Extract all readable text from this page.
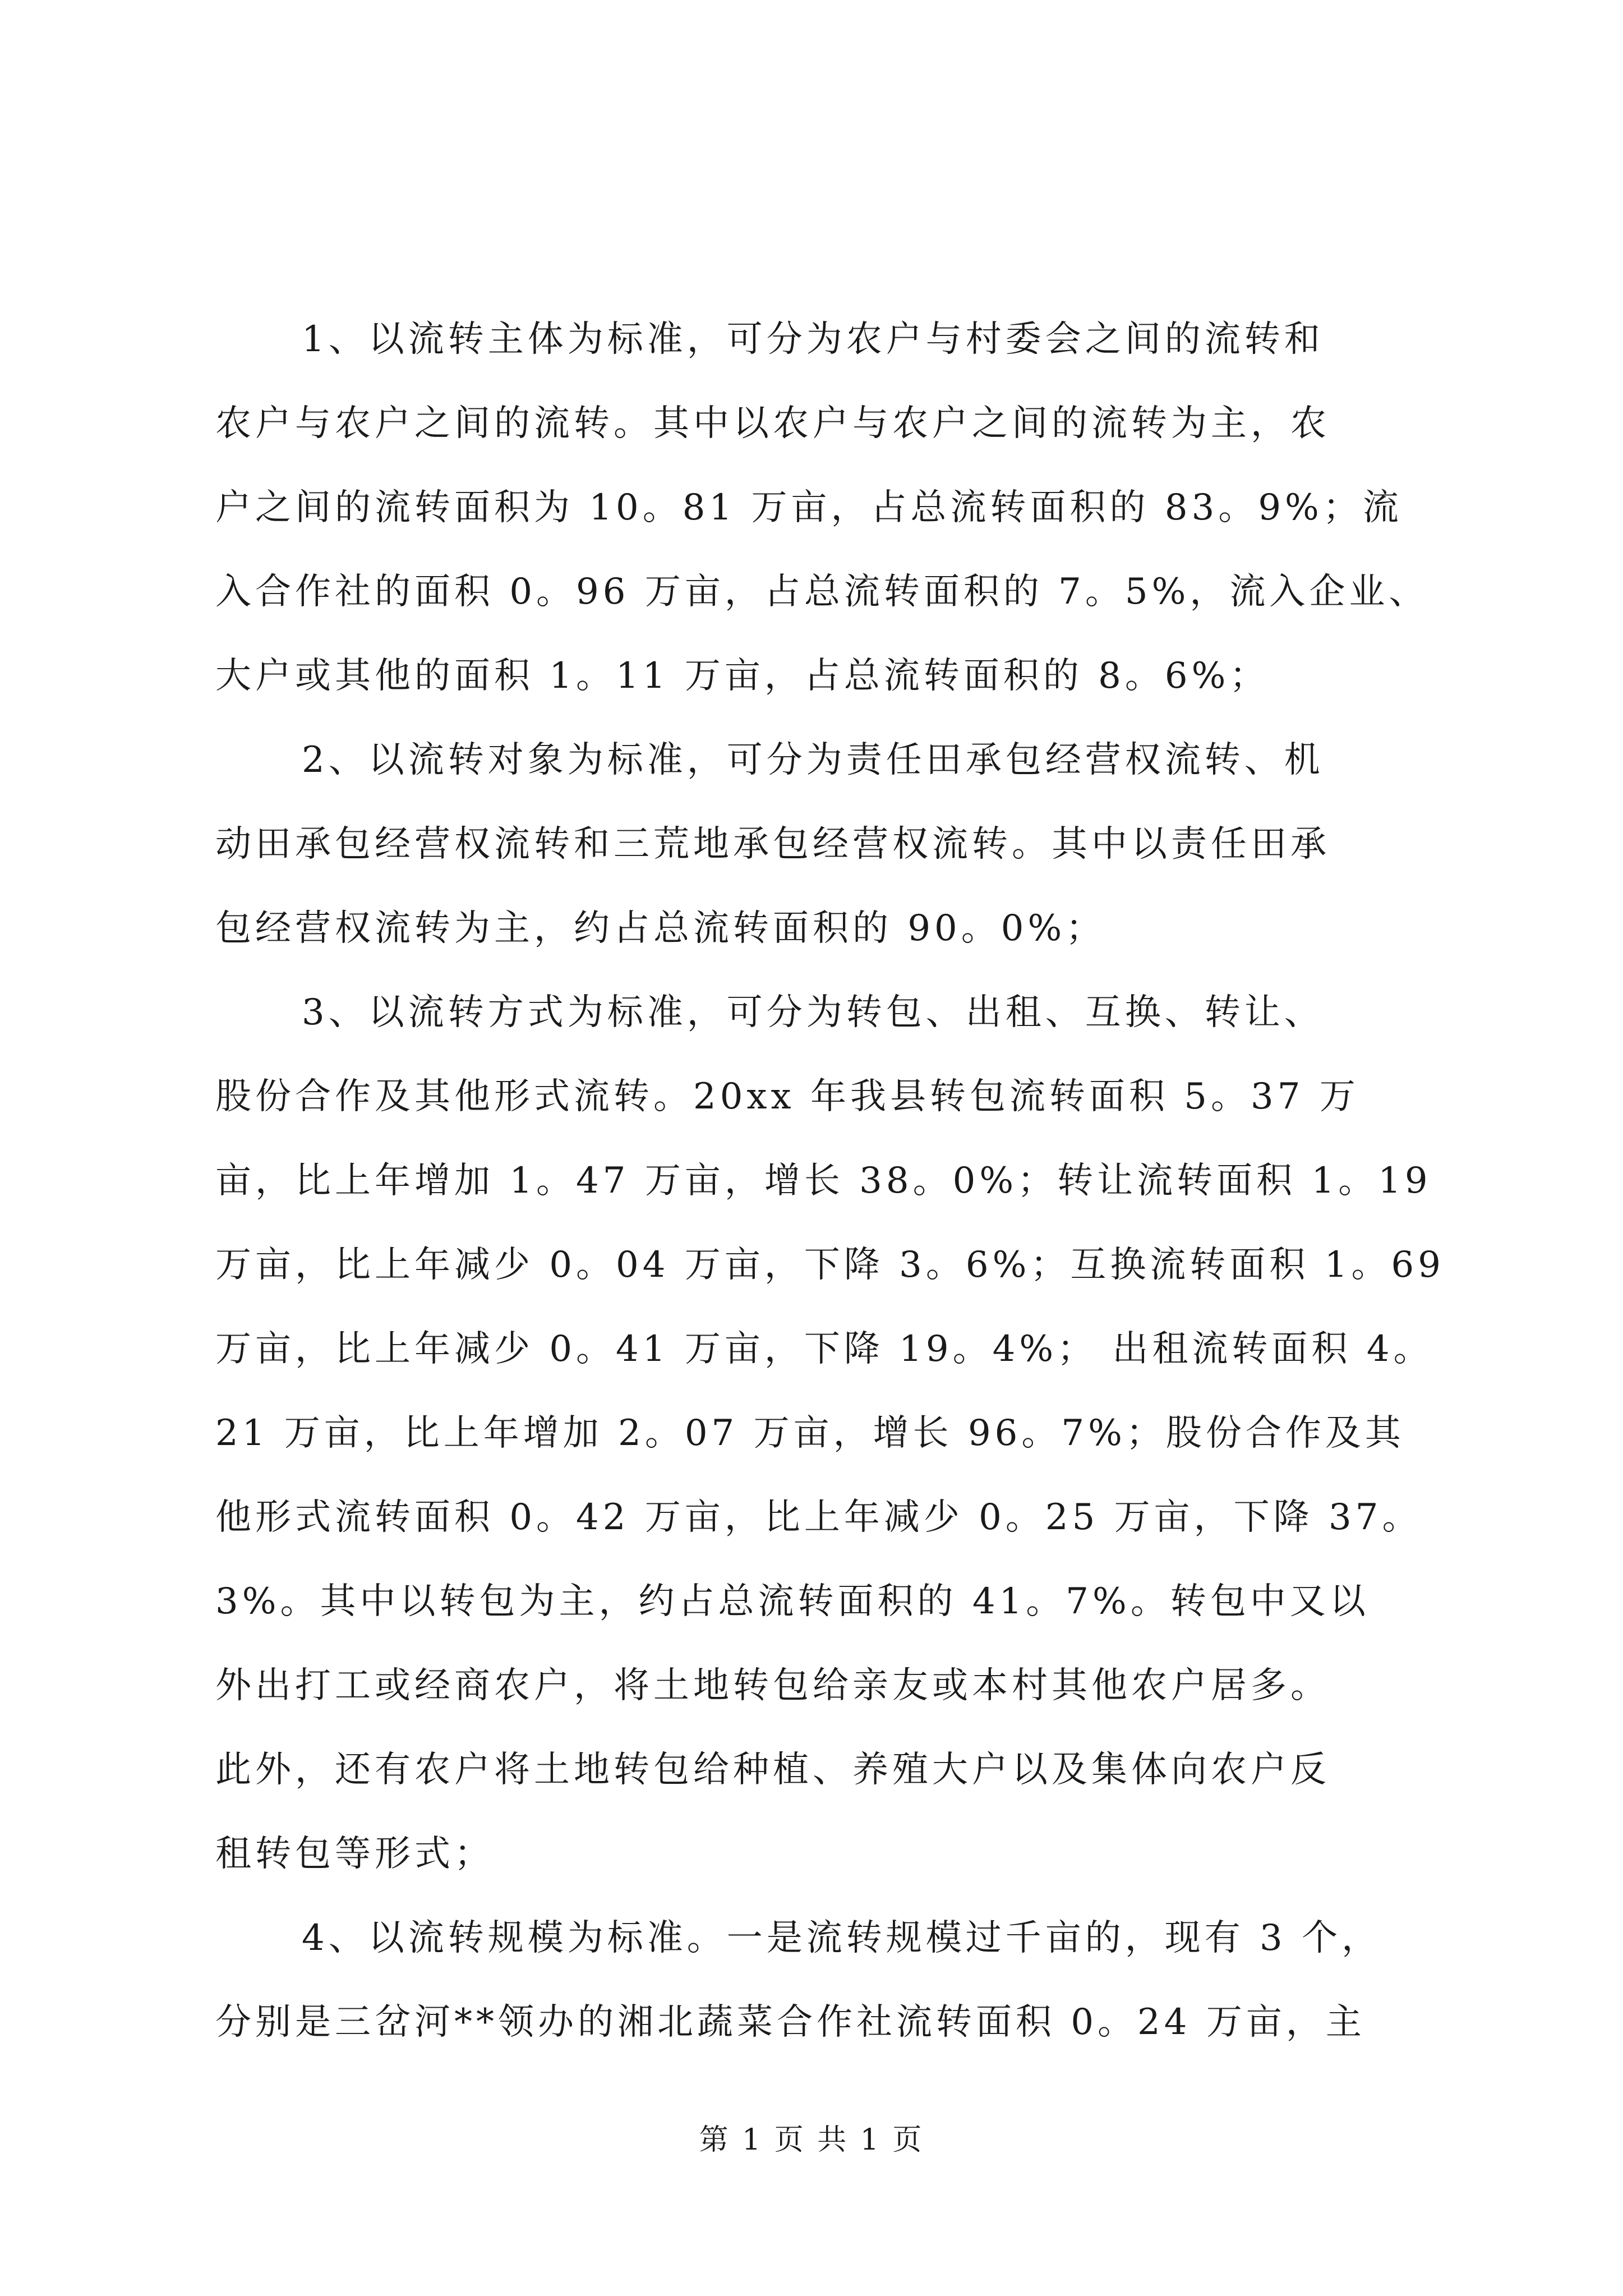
1、以流转主体为标准，可分为农户与村委会之间的流转和
农户与农户之间的流转。其中以农户与农户之间的流转为主，农
户之间的流转面积为 10。81 万亩，占总流转面积的 83。9%；流
入合作社的面积 0。96 万亩，占总流转面积的 7。5%，流入企业、
大户或其他的面积 1。11 万亩，占总流转面积的 8。6%；
2、以流转对象为标准，可分为责任田承包经营权流转、机
动田承包经营权流转和三荒地承包经营权流转。其中以责任田承
包经营权流转为主，约占总流转面积的 90。0%；
3、以流转方式为标准，可分为转包、出租、互换、转让、
股份合作及其他形式流转。20xx 年我县转包流转面积 5。37 万
亩，比上年增加 1。47 万亩，增长 38。0%；转让流转面积 1。19
万亩，比上年减少 0。04 万亩，下降 3。6%；互换流转面积 1。69
万亩，比上年减少 0。41 万亩，下降 19。4%； 出租流转面积 4。
21 万亩，比上年增加 2。07 万亩，增长 96。7%；股份合作及其
他形式流转面积 0。42 万亩，比上年减少 0。25 万亩，下降 37。
3%。其中以转包为主，约占总流转面积的 41。7%。转包中又以
外出打工或经商农户，将土地转包给亲友或本村其他农户居多。
此外，还有农户将土地转包给种植、养殖大户以及集体向农户反
租转包等形式；
4、以流转规模为标准。一是流转规模过千亩的，现有 3 个，
分别是三岔河**领办的湘北蔬菜合作社流转面积 0。24 万亩，主
第 1 页 共 1 页
